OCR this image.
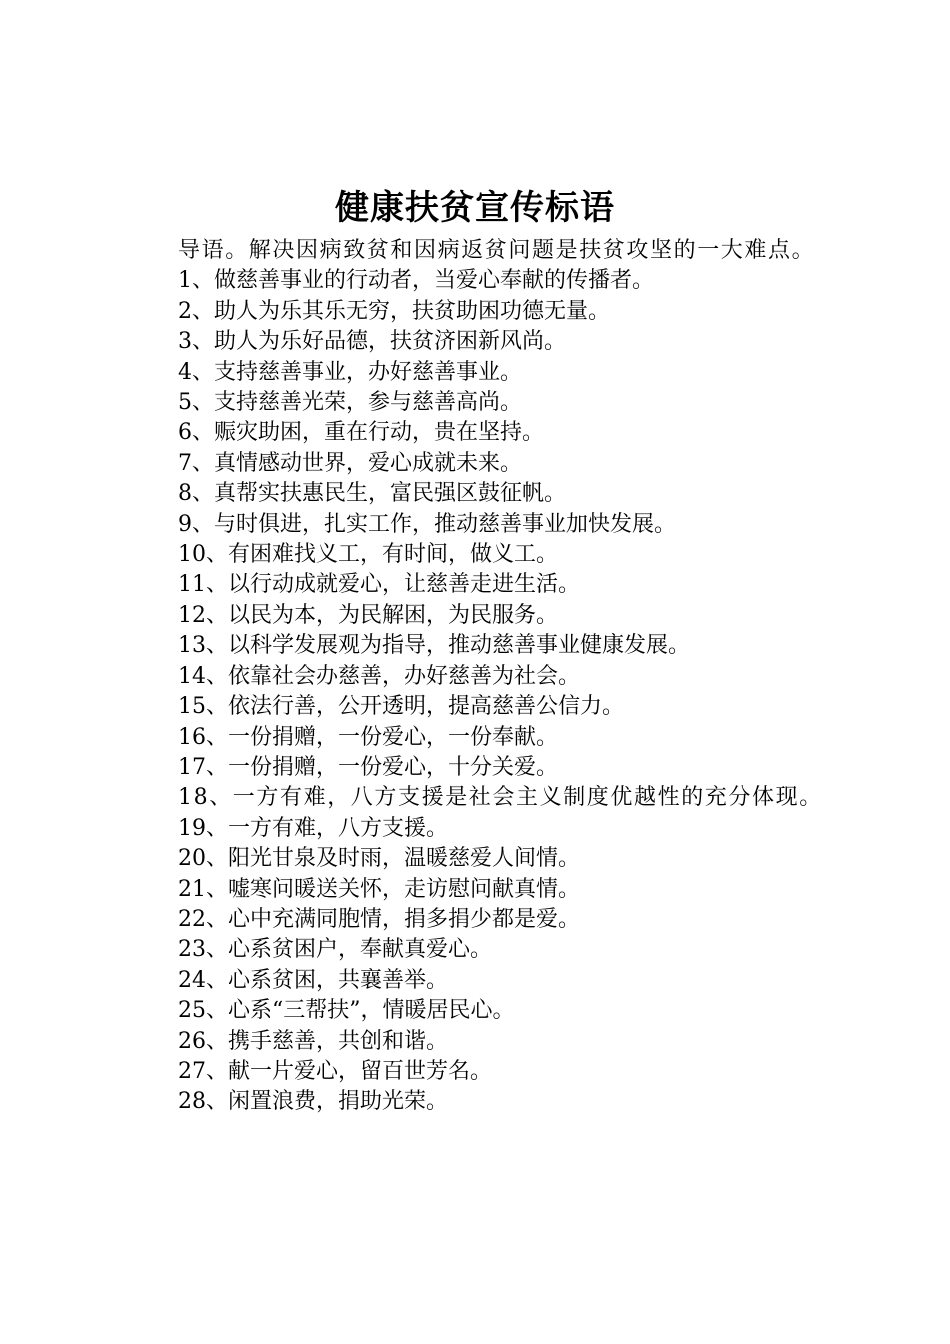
健康扶贫宣传标语

导语。解决因病致贫和因病返贫问题是扶贫攻坚的一大难点。

1、做慈善事业的行动者，当爱心奉献的传播者。

2、助人为乐其乐无穷，扶贫助困功德无量。

3、助人为乐好品德，扶贫济困新风尚。

4、支持慈善事业，办好慈善事业。

5、支持慈善光荣，参与慈善高尚。

6、赈灾助困，重在行动，贵在坚持。

7、真情感动世界，爱心成就未来。

8、真帮实扶惠民生，富民强区鼓征帆。

9、与时俱进，扎实工作，推动慈善事业加快发展。

10、有困难找义工，有时间，做义工。

11、以行动成就爱心，让慈善走进生活。

12、以民为本，为民解困，为民服务。

13、以科学发展观为指导，推动慈善事业健康发展。

14、依靠社会办慈善，办好慈善为社会。

15、依法行善，公开透明，提高慈善公信力。

16、一份捐赠，一份爱心，一份奉献。

17、一份捐赠，一份爱心，十分关爱。

18、一方有难，八方支援是社会主义制度优越性的充分体现。

19、一方有难，八方支援。

20、阳光甘泉及时雨，温暖慈爱人间情。

21、嘘寒问暖送关怀，走访慰问献真情。

22、心中充满同胞情，捐多捐少都是爱。

23、心系贫困户，奉献真爱心。

24、心系贫困，共襄善举。

25、心系“三帮扶”，情暖居民心。

26、携手慈善，共创和谐。

27、献一片爱心，留百世芳名。

28、闲置浪费，捐助光荣。
